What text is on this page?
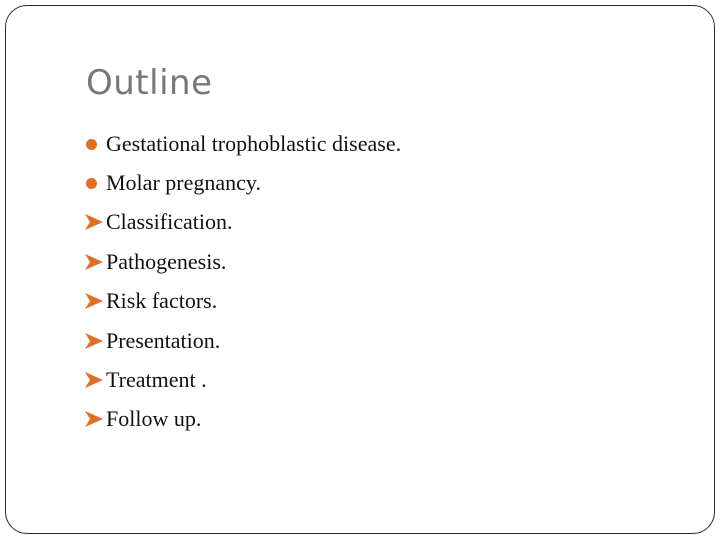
Outline
Gestational trophoblastic disease.
Molar pregnancy.
Classification.
Pathogenesis.
Risk factors.
Presentation.
Treatment .
Follow up.
